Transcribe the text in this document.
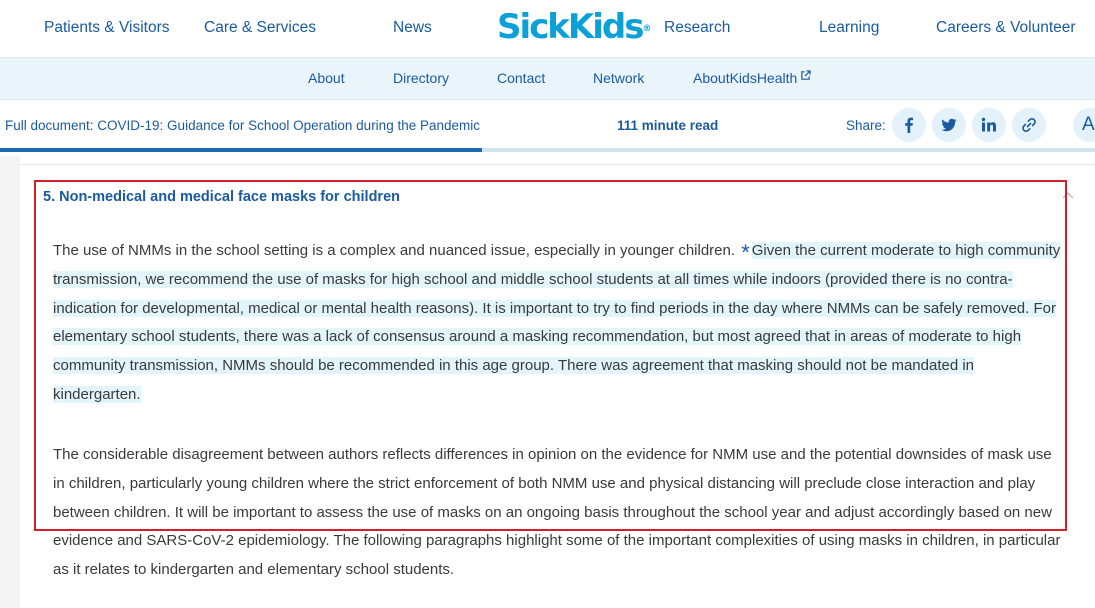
Patients & Visitors Care & Services	News SickKids® Research	Learning	Careers & Volunteer
About	Directory	Contact	Network	AboutKidsHealth
Full document: COVID-19: Guidance for School Operation during the Pandemic	111 minute read	Share:	A
5. Non-medical and medical face masks for children
The use of NMMs in the school setting is a complex and nuanced issue, especially in younger children. * Given the current moderate to high community transmission, we recommend the use of masks for high school and middle school students at all times while indoors (provided there is no contra-indication for developmental, medical or mental health reasons). It is important to try to find periods in the day where NMMs can be safely removed. For elementary school students, there was a lack of consensus around a masking recommendation, but most agreed that in areas of moderate to high community transmission, NMMs should be recommended in this age group. There was agreement that masking should not be mandated in kindergarten.
The considerable disagreement between authors reflects differences in opinion on the evidence for NMM use and the potential downsides of mask use in children, particularly young children where the strict enforcement of both NMM use and physical distancing will preclude close interaction and play between children. It will be important to assess the use of masks on an ongoing basis throughout the school year and adjust accordingly based on new evidence and SARS-CoV-2 epidemiology. The following paragraphs highlight some of the important complexities of using masks in children, in particular as it relates to kindergarten and elementary school students.
